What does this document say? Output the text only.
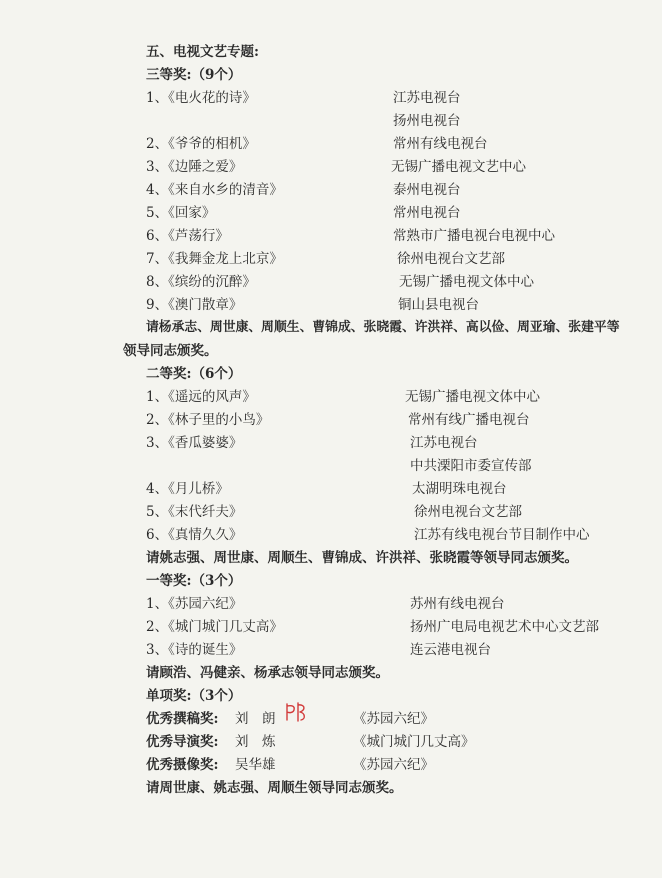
五、电视文艺专题:
三等奖:（9个）
1、《电火花的诗》	江苏电视台
扬州电视台
2、《爷爷的相机》	常州有线电视台
3、《边陲之爱》	无锡广播电视文艺中心
4、《来自水乡的清音》	泰州电视台
5、《回家》	常州电视台
6、《芦荡行》	常熟市广播电视台电视中心
7、《我舞金龙上北京》	徐州电视台文艺部
8、《缤纷的沉醉》	无锡广播电视文体中心
9、《澳门散章》	铜山县电视台
请杨承志、周世康、周顺生、曹锦成、张晓霞、许洪祥、高以俭、周亚瑜、张建平等
领导同志颁奖。
二等奖:（6个）
1、《遥远的风声》	无锡广播电视文体中心
2、《林子里的小鸟》	常州有线广播电视台
3、《香瓜婆婆》	江苏电视台
中共溧阳市委宣传部
4、《月儿桥》	太湖明珠电视台
5、《末代纤夫》	徐州电视台文艺部
6、《真情久久》	江苏有线电视台节目制作中心
请姚志强、周世康、周顺生、曹锦成、许洪祥、张晓霞等领导同志颁奖。
一等奖:（3个）
1、《苏园六纪》	苏州有线电视台
2、《城门城门几丈高》	扬州广电局电视艺术中心文艺部
3、《诗的诞生》	连云港电视台
请顾浩、冯健亲、杨承志领导同志颁奖。
单项奖:（3个）
优秀撰稿奖: 刘　朗	《苏园六纪》
优秀导演奖: 刘　炼	《城门城门几丈高》
优秀摄像奖: 吴华雄	《苏园六纪》
请周世康、姚志强、周顺生领导同志颁奖。
